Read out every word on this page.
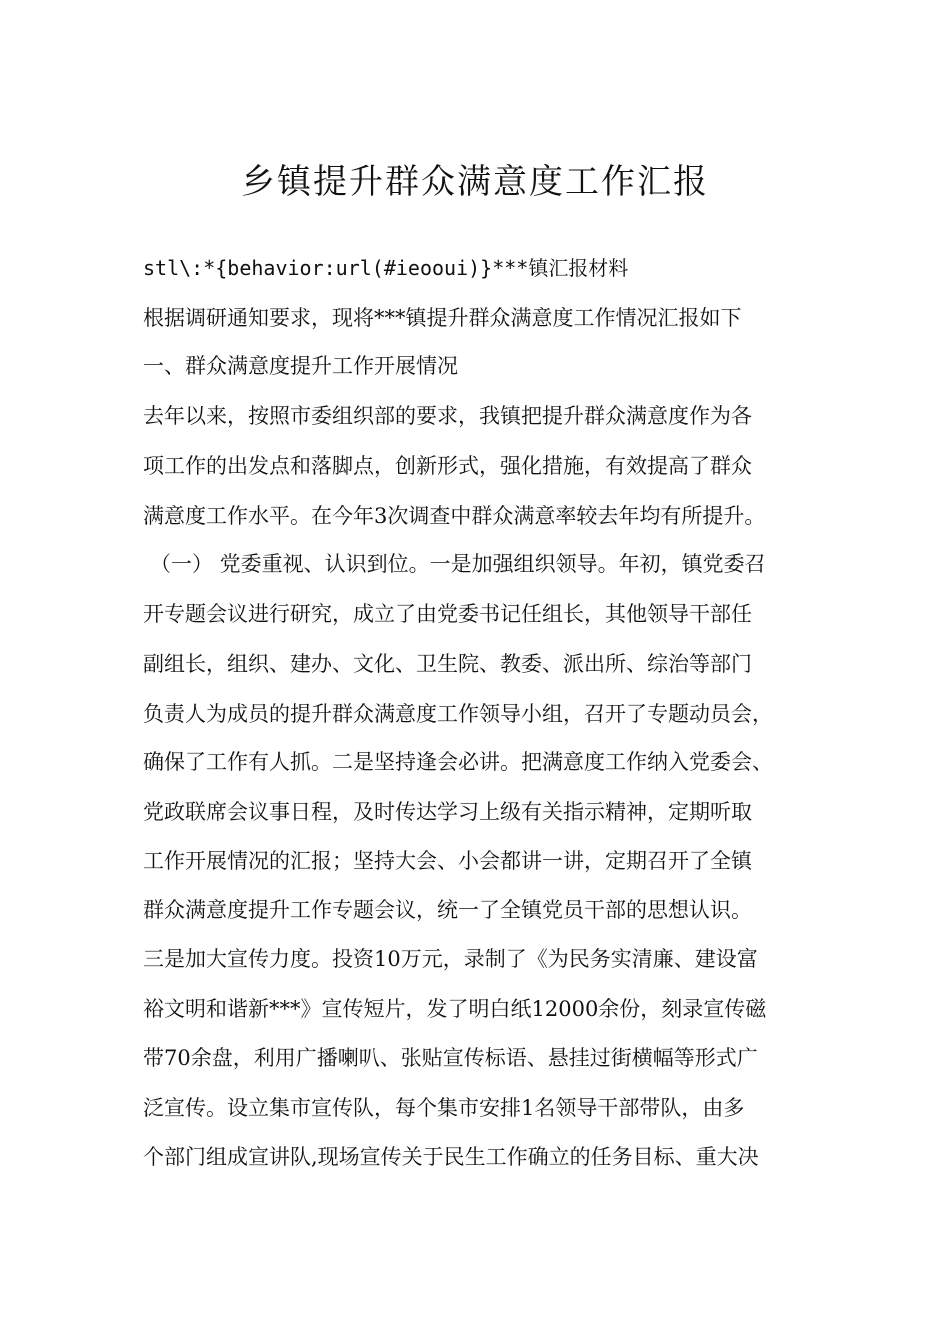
乡镇提升群众满意度工作汇报

stl\:*{behavior:url(#ieooui)}***镇汇报材料

根据调研通知要求，现将***镇提升群众满意度工作情况汇报如下

一、群众满意度提升工作开展情况

去年以来，按照市委组织部的要求，我镇把提升群众满意度作为各

项工作的出发点和落脚点，创新形式，强化措施，有效提高了群众

满意度工作水平。在今年3次调查中群众满意率较去年均有所提升。

（一） 党委重视、认识到位。一是加强组织领导。年初，镇党委召

开专题会议进行研究，成立了由党委书记任组长，其他领导干部任

副组长，组织、建办、文化、卫生院、教委、派出所、综治等部门

负责人为成员的提升群众满意度工作领导小组，召开了专题动员会，

确保了工作有人抓。二是坚持逢会必讲。把满意度工作纳入党委会、

党政联席会议事日程，及时传达学习上级有关指示精神，定期听取

工作开展情况的汇报；坚持大会、小会都讲一讲，定期召开了全镇

群众满意度提升工作专题会议，统一了全镇党员干部的思想认识。

三是加大宣传力度。投资10万元，录制了《为民务实清廉、建设富

裕文明和谐新***》宣传短片，发了明白纸12000余份，刻录宣传磁

带70余盘，利用广播喇叭、张贴宣传标语、悬挂过街横幅等形式广

泛宣传。设立集市宣传队，每个集市安排1名领导干部带队，由多

个部门组成宣讲队,现场宣传关于民生工作确立的任务目标、重大决
